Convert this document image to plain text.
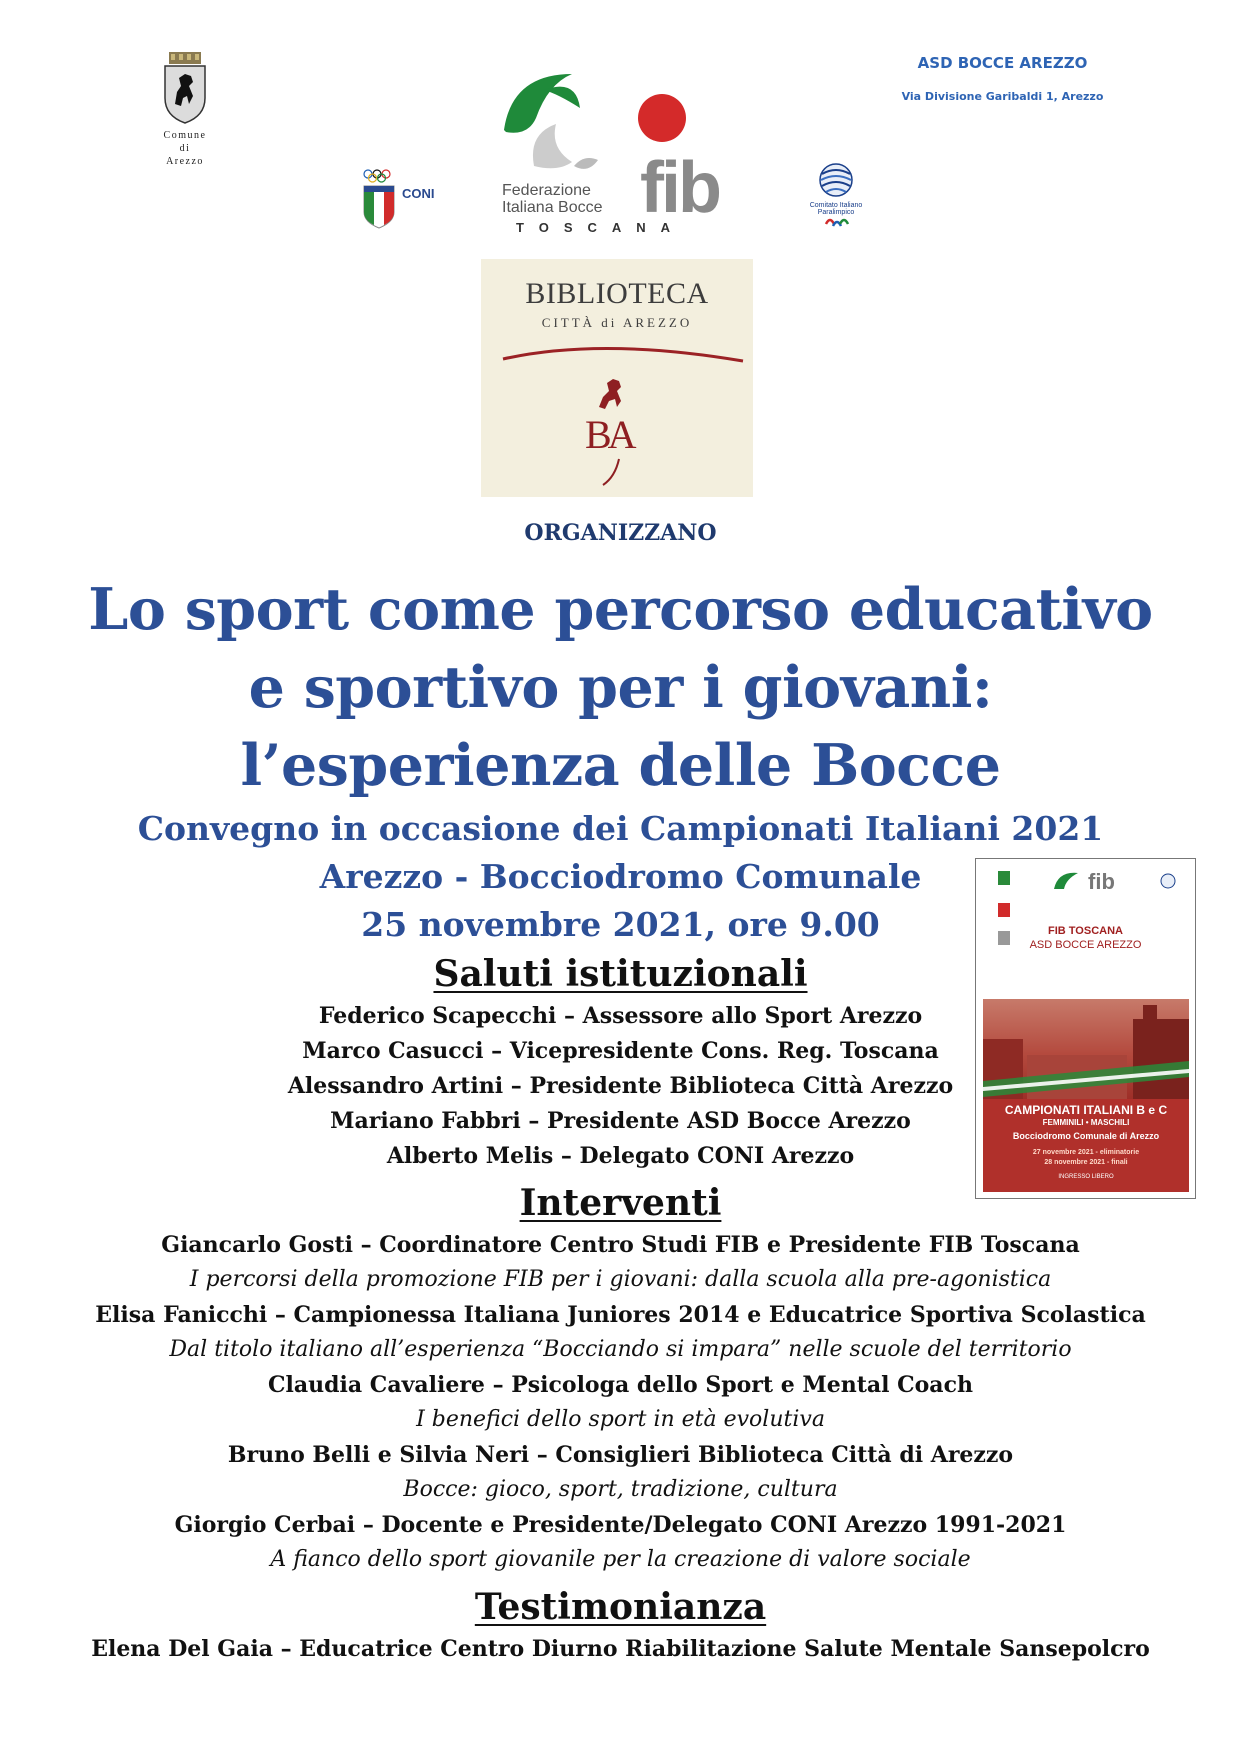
Comune
di
Arezzo
CONI	Federazione
Italiana Bocce fib
TOSCANA
Comitato Italiano Paralimpico
ASD BOCCE AREZZO
Via Divisione Garibaldi 1, Arezzo
BIBLIOTECA
CITTÀ di AREZZO
BA
ORGANIZZANO
Lo sport come percorso educativo
e sportivo per i giovani:
l’esperienza delle Bocce
Convegno in occasione dei Campionati Italiani 2021
Arezzo - Bocciodromo Comunale
25 novembre 2021, ore 9.00
Saluti istituzionali
Federico Scapecchi – Assessore allo Sport Arezzo
Marco Casucci – Vicepresidente Cons. Reg. Toscana
Alessandro Artini – Presidente Biblioteca Città Arezzo
Mariano Fabbri – Presidente ASD Bocce Arezzo
Alberto Melis – Delegato CONI Arezzo
Interventi
Giancarlo Gosti – Coordinatore Centro Studi FIB e Presidente FIB Toscana
I percorsi della promozione FIB per i giovani: dalla scuola alla pre-agonistica
Elisa Fanicchi – Campionessa Italiana Juniores 2014 e Educatrice Sportiva Scolastica
Dal titolo italiano all’esperienza “Bocciando si impara” nelle scuole del territorio
Claudia Cavaliere – Psicologa dello Sport e Mental Coach
I benefici dello sport in età evolutiva
Bruno Belli e Silvia Neri – Consiglieri Biblioteca Città di Arezzo
Bocce: gioco, sport, tradizione, cultura
Giorgio Cerbai – Docente e Presidente/Delegato CONI Arezzo 1991-2021
A fianco dello sport giovanile per la creazione di valore sociale
Testimonianza
Elena Del Gaia – Educatrice Centro Diurno Riabilitazione Salute Mentale Sansepolcro
fib
FIB TOSCANA
ASD BOCCE AREZZO
CAMPIONATI ITALIANI B e C
FEMMINILI • MASCHILI
Bocciodromo Comunale di Arezzo
27 novembre 2021 - eliminatorie
28 novembre 2021 - finali
INGRESSO LIBERO
